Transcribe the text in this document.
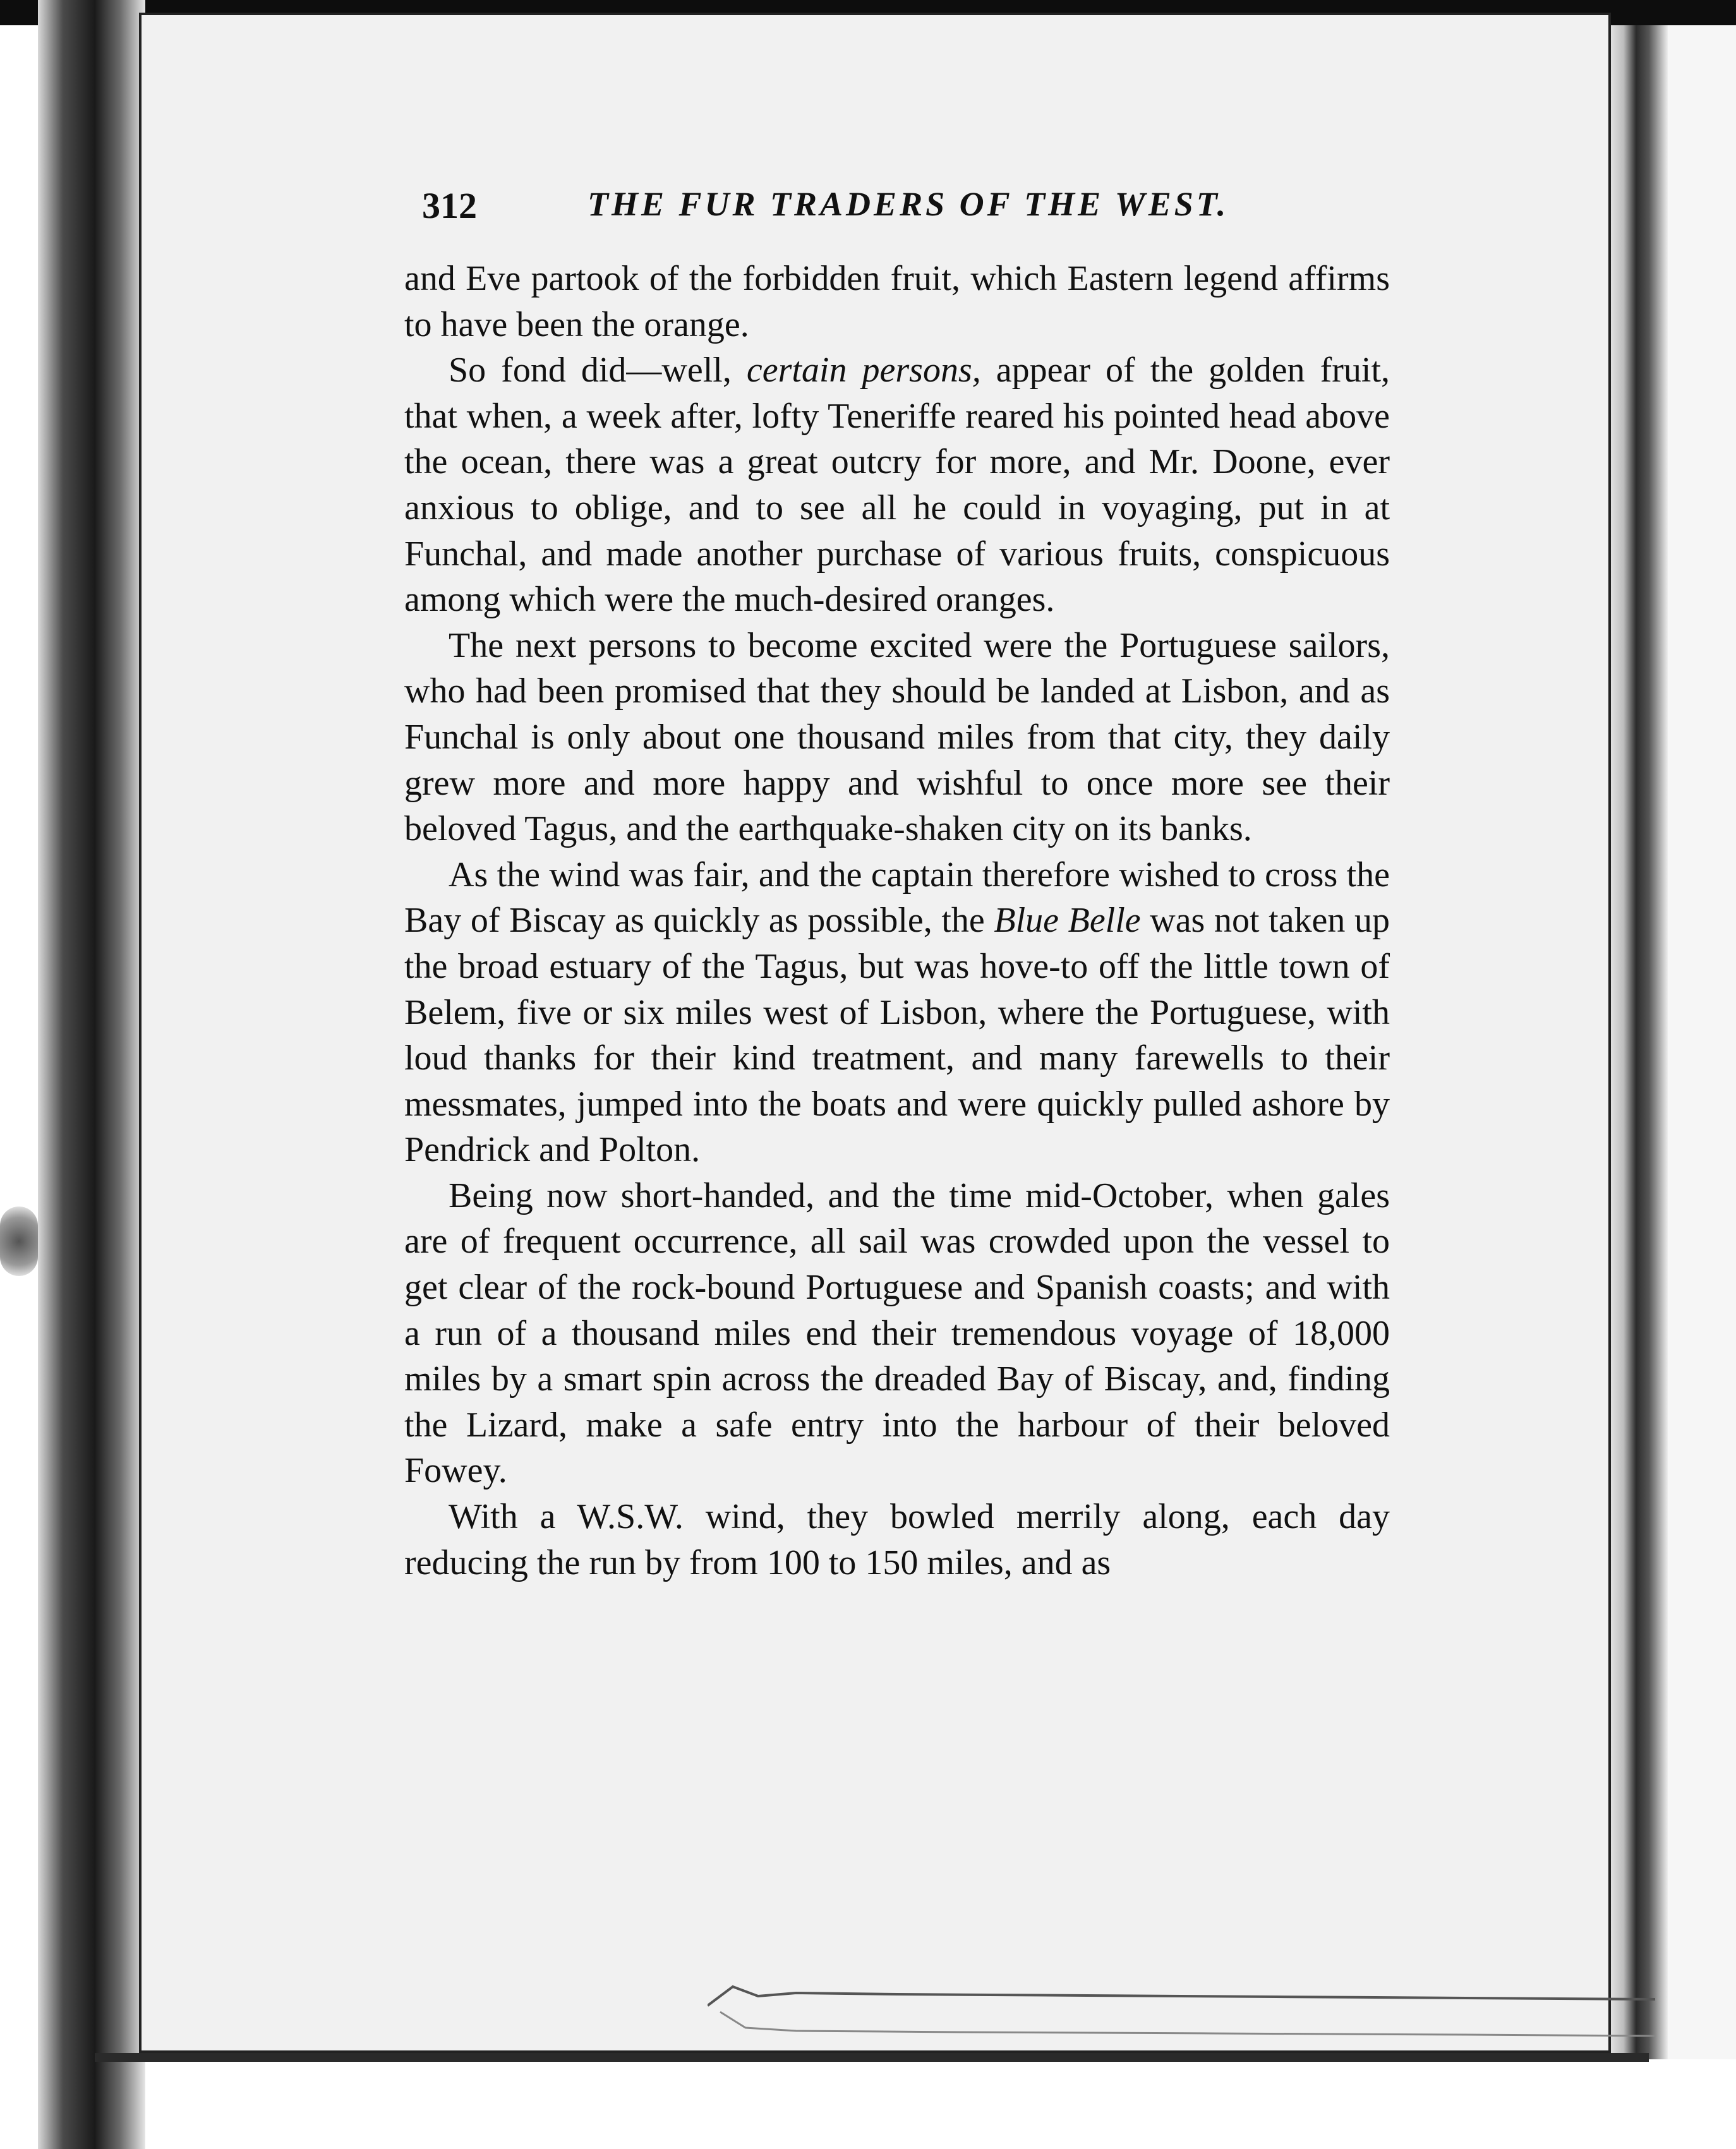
312	THE FUR TRADERS OF THE WEST.

and Eve partook of the forbidden fruit, which Eastern legend affirms to have been the orange.

So fond did—well, certain persons, appear of the golden fruit, that when, a week after, lofty Teneriffe reared his pointed head above the ocean, there was a great outcry for more, and Mr. Doone, ever anxious to oblige, and to see all he could in voyaging, put in at Funchal, and made another purchase of various fruits, conspicuous among which were the much-desired oranges.

The next persons to become excited were the Portuguese sailors, who had been promised that they should be landed at Lisbon, and as Funchal is only about one thousand miles from that city, they daily grew more and more happy and wishful to once more see their beloved Tagus, and the earthquake-shaken city on its banks.

As the wind was fair, and the captain therefore wished to cross the Bay of Biscay as quickly as possible, the Blue Belle was not taken up the broad estuary of the Tagus, but was hove-to off the little town of Belem, five or six miles west of Lisbon, where the Portuguese, with loud thanks for their kind treatment, and many farewells to their messmates, jumped into the boats and were quickly pulled ashore by Pendrick and Polton.

Being now short-handed, and the time mid-October, when gales are of frequent occurrence, all sail was crowded upon the vessel to get clear of the rock-bound Portuguese and Spanish coasts; and with a run of a thousand miles end their tremendous voyage of 18,000 miles by a smart spin across the dreaded Bay of Biscay, and, finding the Lizard, make a safe entry into the harbour of their beloved Fowey.

With a W.S.W. wind, they bowled merrily along, each day reducing the run by from 100 to 150 miles, and as
